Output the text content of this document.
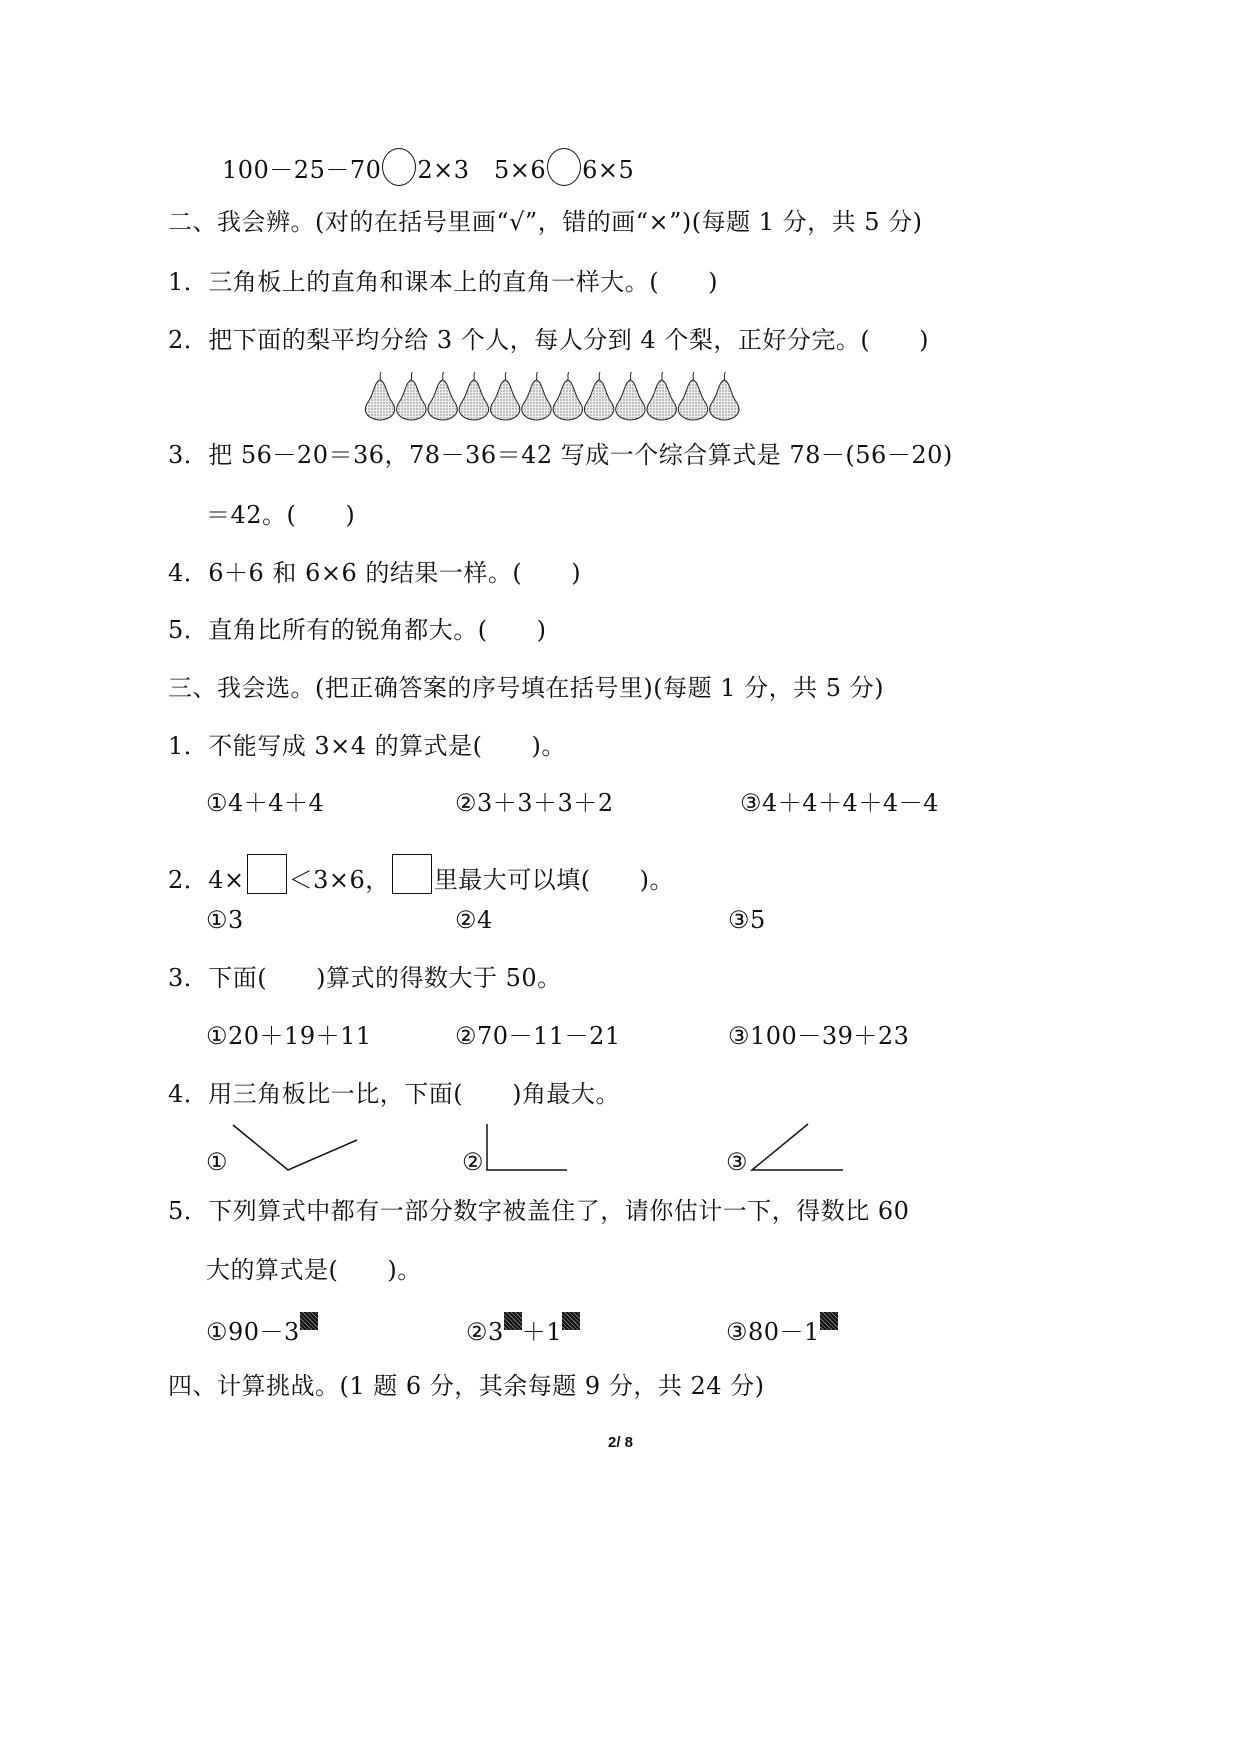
100－25－70 2×3 5×6 6×5
二、我会辨。(对的在括号里画“√”，错的画“×”)(每题 1 分，共 5 分)
1．三角板上的直角和课本上的直角一样大。(　　)
2．把下面的梨平均分给 3 个人，每人分到 4 个梨，正好分完。(　　)
3．把 56－20＝36，78－36＝42 写成一个综合算式是 78－(56－20)
＝42。(　　)
4．6＋6 和 6×6 的结果一样。(　　)
5．直角比所有的锐角都大。(　　)
三、我会选。(把正确答案的序号填在括号里)(每题 1 分，共 5 分)
1．不能写成 3×4 的算式是(　　)。
①4＋4＋4	②3＋3＋3＋2	③4＋4＋4＋4－4
2．4× ＜3×6， 里最大可以填(　　)。
①3	②4	③5
3．下面(　　)算式的得数大于 50。
①20＋19＋11	②70－11－21	③100－39＋23
4．用三角板比一比，下面(　　)角最大。
①	②	③
5．下列算式中都有一部分数字被盖住了，请你估计一下，得数比 60
大的算式是(　　)。
①90－3	②3 ＋1	③80－1
四、计算挑战。(1 题 6 分，其余每题 9 分，共 24 分)
2/ 8
